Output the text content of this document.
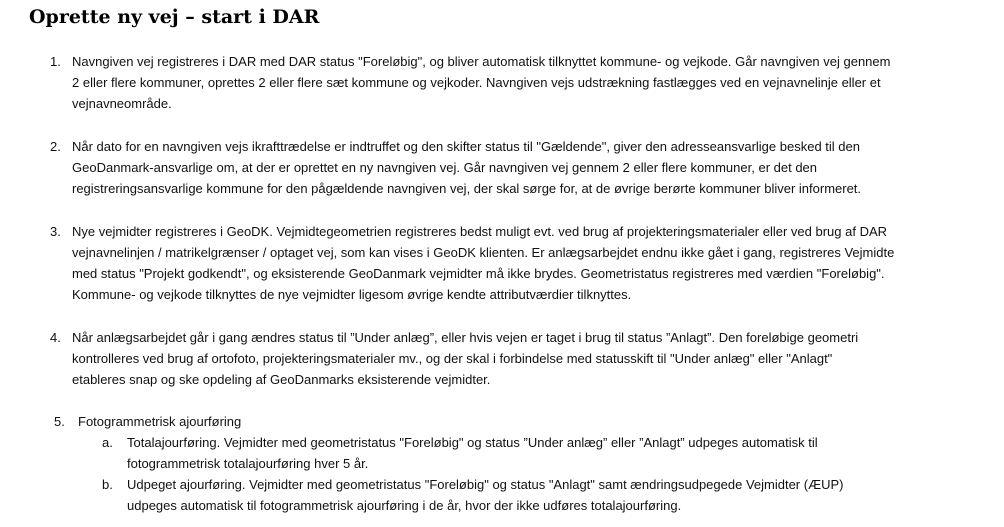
Oprette ny vej – start i DAR
1. Navngiven vej registreres i DAR med DAR status "Foreløbig", og bliver automatisk tilknyttet kommune- og vejkode. Går navngiven vej gennem
2 eller flere kommuner, oprettes 2 eller flere sæt kommune og vejkoder. Navngiven vejs udstrækning fastlægges ved en vejnavnelinje eller et
vejnavneområde.
2. Når dato for en navngiven vejs ikrafttrædelse er indtruffet og den skifter status til "Gældende", giver den adresseansvarlige besked til den
GeoDanmark-ansvarlige om, at der er oprettet en ny navngiven vej. Går navngiven vej gennem 2 eller flere kommuner, er det den
registreringsansvarlige kommune for den pågældende navngiven vej, der skal sørge for, at de øvrige berørte kommuner bliver informeret.
3. Nye vejmidter registreres i GeoDK. Vejmidtegeometrien registreres bedst muligt evt. ved brug af projekteringsmaterialer eller ved brug af DAR
vejnavnelinjen / matrikelgrænser / optaget vej, som kan vises i GeoDK klienten. Er anlægsarbejdet endnu ikke gået i gang, registreres Vejmidte
med status "Projekt godkendt", og eksisterende GeoDanmark vejmidter må ikke brydes. Geometristatus registreres med værdien "Foreløbig".
Kommune- og vejkode tilknyttes de nye vejmidter ligesom øvrige kendte attributværdier tilknyttes.
4. Når anlægsarbejdet går i gang ændres status til ”Under anlæg”, eller hvis vejen er taget i brug til status ”Anlagt”. Den foreløbige geometri
kontrolleres ved brug af ortofoto, projekteringsmaterialer mv., og der skal i forbindelse med statusskift til "Under anlæg" eller "Anlagt"
etableres snap og ske opdeling af GeoDanmarks eksisterende vejmidter.
5. Fotogrammetrisk ajourføring
a. Totalajourføring. Vejmidter med geometristatus "Foreløbig" og status ”Under anlæg” eller ”Anlagt” udpeges automatisk til
fotogrammetrisk totalajourføring hver 5 år.
b. Udpeget ajourføring. Vejmidter med geometristatus "Foreløbig" og status "Anlagt" samt ændringsudpegede Vejmidter (ÆUP)
udpeges automatisk til fotogrammetrisk ajourføring i de år, hvor der ikke udføres totalajourføring.
